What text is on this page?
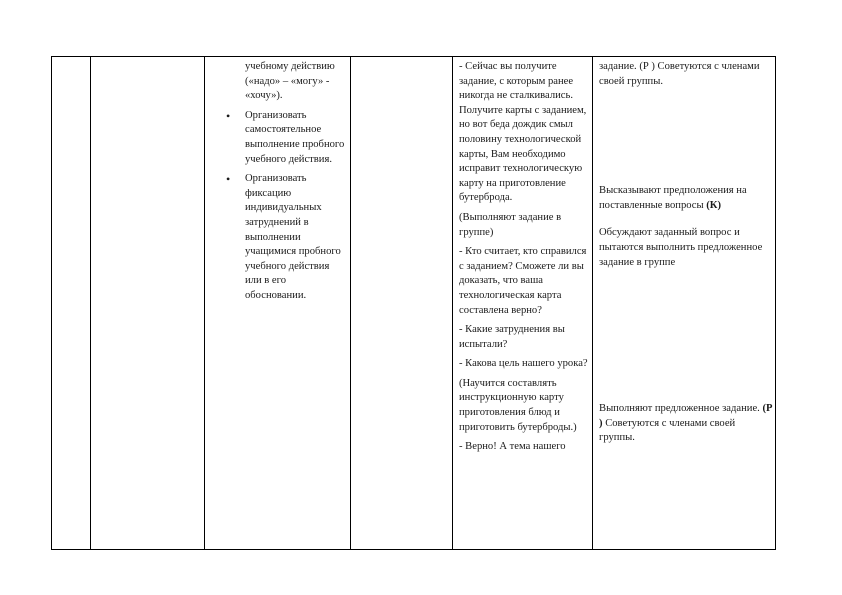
учебному действию («надо» – «могу» - «хочу»).

• Организовать самостоятельное выполнение пробного учебного действия.
• Организовать фиксацию индивидуальных затруднений в выполнении учащимися пробного учебного действия или в его обосновании.

- Сейчас вы получите задание, с которым ранее никогда не сталкивались. Получите карты с заданием, но вот беда дождик смыл половину технологической карты, Вам необходимо исправит технологическую карту на приготовление бутерброда.

(Выполняют задание в группе)

- Кто считает, кто справился с заданием? Сможете ли вы доказать, что ваша технологическая карта составлена верно?

- Какие затруднения вы испытали?

- Какова цель нашего урока?

(Научится составлять инструкционную карту приготовления блюд и приготовить бутерброды.)

- Верно! А тема нашего

задание. (Р ) Советуются с членами своей группы.

Высказывают предположения на поставленные вопросы (К)

Обсуждают заданный вопрос и пытаются выполнить предложенное задание в группе

Выполняют предложенное задание. (Р ) Советуются с членами своей группы.
